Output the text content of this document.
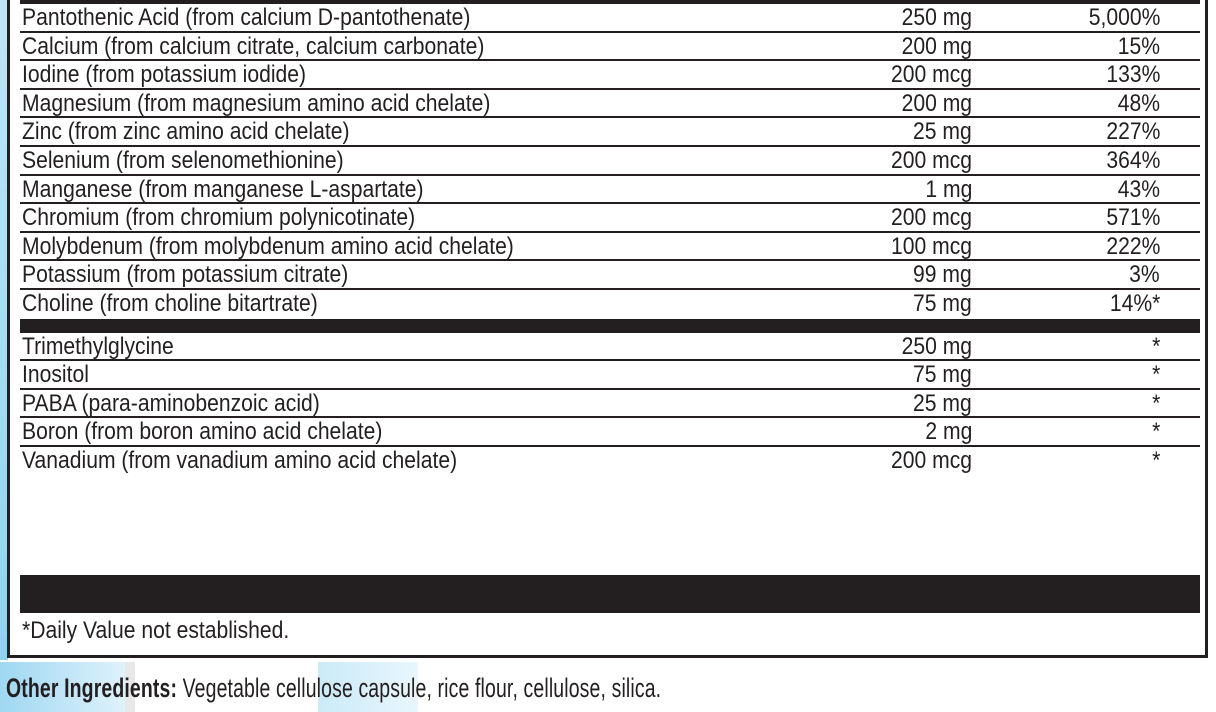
Pantothenic Acid (from calcium D-pantothenate)	250 mg	5,000%
Calcium (from calcium citrate, calcium carbonate)	200 mg	15%
Iodine (from potassium iodide)	200 mcg	133%
Magnesium (from magnesium amino acid chelate)	200 mg	48%
Zinc (from zinc amino acid chelate)	25 mg	227%
Selenium (from selenomethionine)	200 mcg	364%
Manganese (from manganese L-aspartate)	1 mg	43%
Chromium (from chromium polynicotinate)	200 mcg	571%
Molybdenum (from molybdenum amino acid chelate)	100 mcg	222%
Potassium (from potassium citrate)	99 mg	3%
Choline (from choline bitartrate)	75 mg	14%*
Trimethylglycine	250 mg	*
Inositol	75 mg	*
PABA (para-aminobenzoic acid)	25 mg	*
Boron (from boron amino acid chelate)	2 mg	*
Vanadium (from vanadium amino acid chelate)	200 mcg	*
*Daily Value not established.
Other Ingredients: Vegetable cellulose capsule, rice flour, cellulose, silica.
